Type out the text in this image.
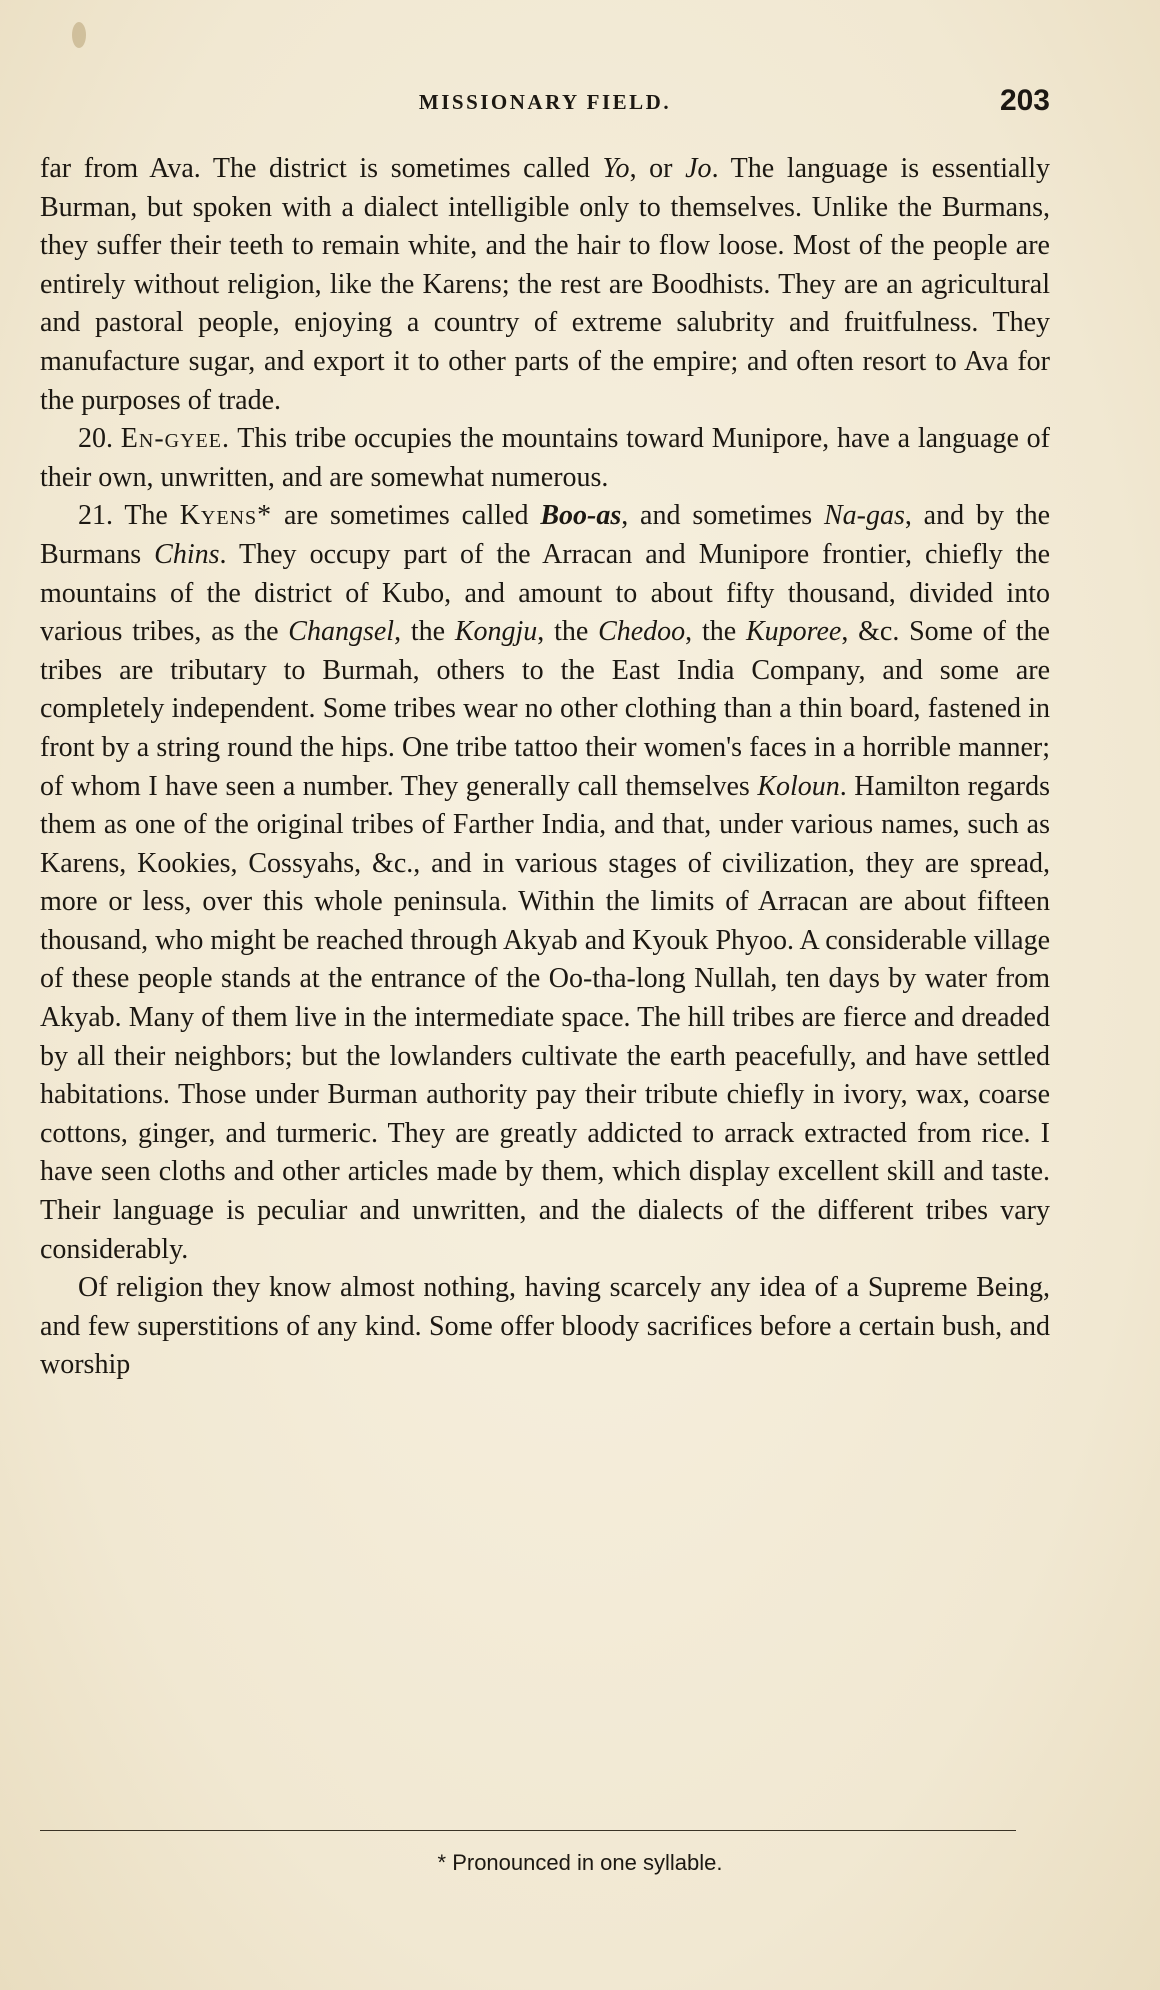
MISSIONARY FIELD.	203

far from Ava. The district is sometimes called Yo, or Jo. The language is essentially Burman, but spoken with a dialect intelligible only to themselves. Unlike the Burmans, they suffer their teeth to remain white, and the hair to flow loose. Most of the people are entirely without religion, like the Karens; the rest are Boodhists. They are an agricultural and pastoral people, enjoying a country of extreme salubrity and fruitfulness. They manufacture sugar, and export it to other parts of the empire; and often resort to Ava for the purposes of trade.

20. En-gyee. This tribe occupies the mountains toward Munipore, have a language of their own, unwritten, and are somewhat numerous.

21. The Kyens* are sometimes called Boo-as, and sometimes Na-gas, and by the Burmans Chins. They occupy part of the Arracan and Munipore frontier, chiefly the mountains of the district of Kubo, and amount to about fifty thousand, divided into various tribes, as the Changsel, the Kongju, the Chedoo, the Kuporee, &c. Some of the tribes are tributary to Burmah, others to the East India Company, and some are completely independent. Some tribes wear no other clothing than a thin board, fastened in front by a string round the hips. One tribe tattoo their women's faces in a horrible manner; of whom I have seen a number. They generally call themselves Koloun. Hamilton regards them as one of the original tribes of Farther India, and that, under various names, such as Karens, Kookies, Cossyahs, &c., and in various stages of civilization, they are spread, more or less, over this whole peninsula. Within the limits of Arracan are about fifteen thousand, who might be reached through Akyab and Kyouk Phyoo. A considerable village of these people stands at the entrance of the Oo-tha-long Nullah, ten days by water from Akyab. Many of them live in the intermediate space. The hill tribes are fierce and dreaded by all their neighbors; but the lowlanders cultivate the earth peacefully, and have settled habitations. Those under Burman authority pay their tribute chiefly in ivory, wax, coarse cottons, ginger, and turmeric. They are greatly addicted to arrack extracted from rice. I have seen cloths and other articles made by them, which display excellent skill and taste. Their language is peculiar and unwritten, and the dialects of the different tribes vary considerably.

Of religion they know almost nothing, having scarcely any idea of a Supreme Being, and few superstitions of any kind. Some offer bloody sacrifices before a certain bush, and worship

* Pronounced in one syllable.
